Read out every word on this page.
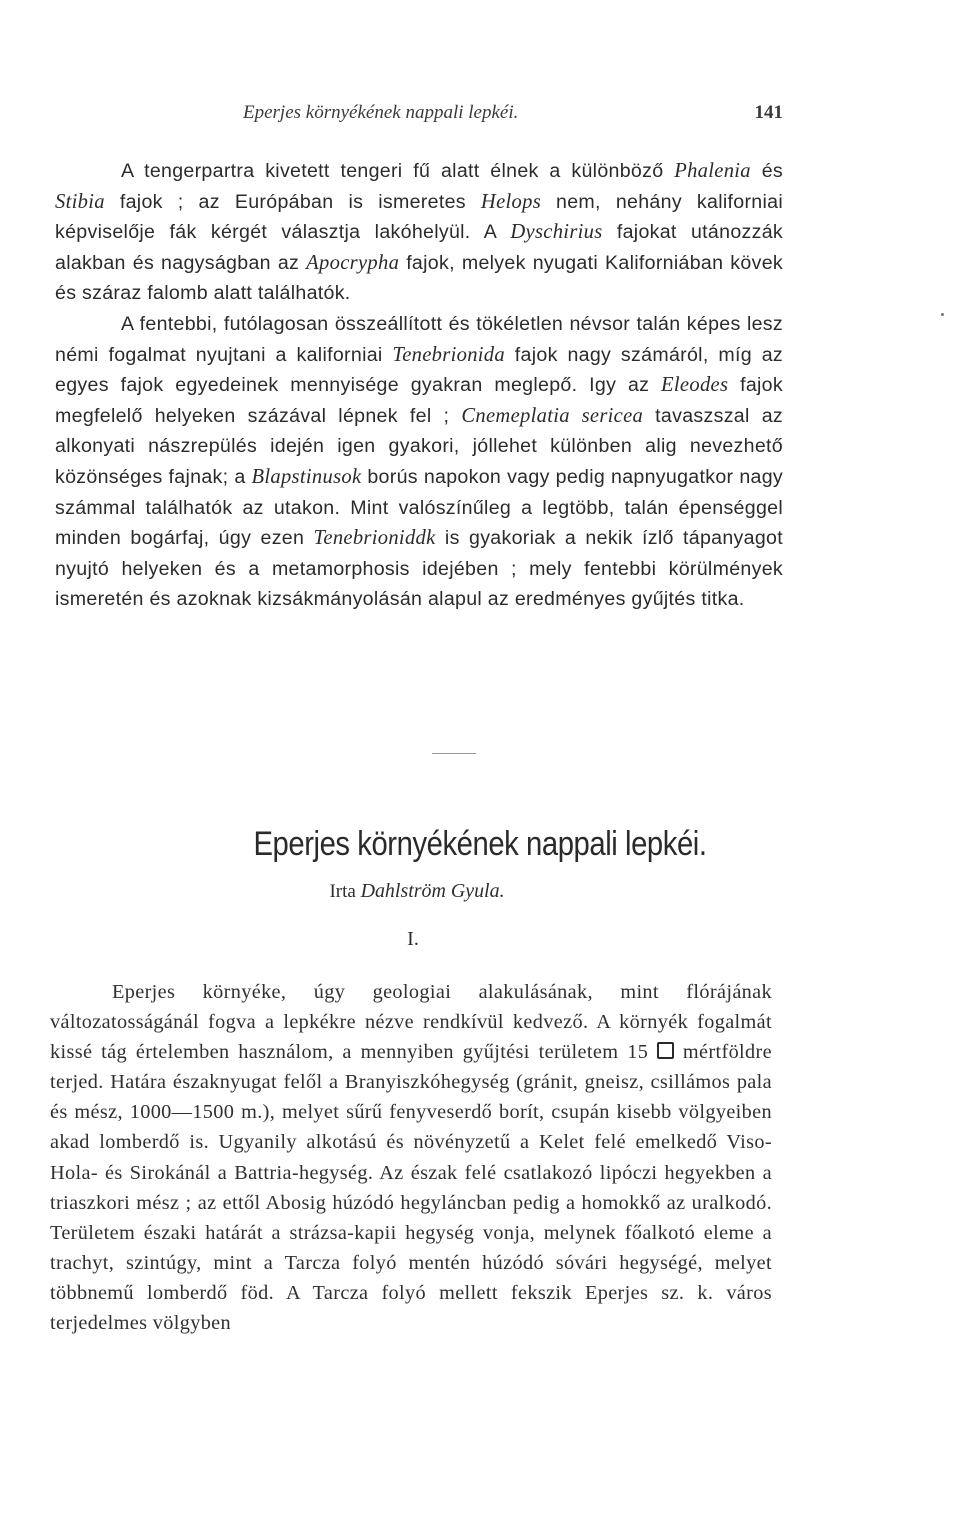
Eperjes környékének nappali lepkéi.	141

A tengerpartra kivetett tengeri fű alatt élnek a különböző Phalenia és Stibia fajok ; az Európában is ismeretes Helops nem, nehány kaliforniai képviselője fák kérgét választja lakóhelyül. A Dyschirius fajokat utánozzák alakban és nagyságban az Apocrypha fajok, melyek nyugati Kaliforniában kövek és száraz falomb alatt találhatók.

A fentebbi, futólagosan összeállított és tökéletlen névsor talán képes lesz némi fogalmat nyujtani a kaliforniai Tenebrionida fajok nagy számáról, míg az egyes fajok egyedeinek mennyisége gyakran meglepő. Igy az Eleodes fajok megfelelő helyeken százával lépnek fel ; Cnemeplatia sericea tavaszszal az alkonyati nászrepülés idején igen gyakori, jóllehet különben alig nevezhető közönséges fajnak; a Blapstinusok borús napokon vagy pedig napnyugatkor nagy számmal találhatók az utakon. Mint valószínűleg a legtöbb, talán épenséggel minden bogárfaj, úgy ezen Tenebrioniddk is gyakoriak a nekik ízlő tápanyagot nyujtó helyeken és a metamorphosis idejében ; mely fentebbi körülmények ismeretén és azoknak kizsákmányolásán alapul az eredményes gyűjtés titka.

Eperjes környékének nappali lepkéi.
Irta Dahlström Gyula.
I.

Eperjes környéke, úgy geologiai alakulásának, mint flórájának változatosságánál fogva a lepkékre nézve rendkívül kedvező. A környék fogalmát kissé tág értelemben használom, a mennyiben gyűjtési területem 15  mértföldre terjed. Határa északnyugat felől a Branyiszkóhegység (gránit, gneisz, csillámos pala és mész, 1000—1500 m.), melyet sűrű fenyveserdő borít, csupán kisebb völgyeiben akad lomberdő is. Ugyanily alkotású és növényzetű a Kelet felé emelkedő Viso-Hola- és Sirokánál a Battria-hegység. Az észak felé csatlakozó lipóczi hegyekben a triaszkori mész ; az ettől Abosig húzódó hegyláncban pedig a homokkő az uralkodó. Területem északi határát a strázsa-kapii hegység vonja, melynek főalkotó eleme a trachyt, szintúgy, mint a Tarcza folyó mentén húzódó sóvári hegységé, melyet többnemű lomberdő föd. A Tarcza folyó mellett fekszik Eperjes sz. k. város terjedelmes völgyben
